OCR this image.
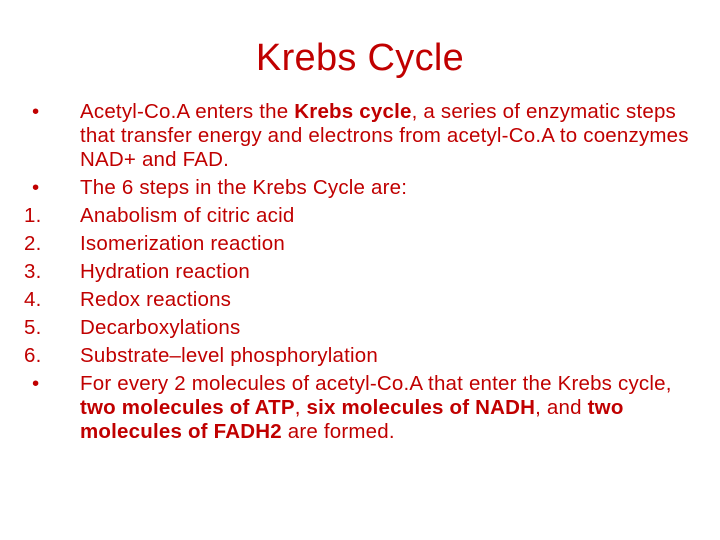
Krebs Cycle
•	Acetyl-Co.A enters the Krebs cycle, a series of enzymatic steps that transfer energy and electrons from acetyl-Co.A to coenzymes NAD+ and FAD.
•	The 6 steps in the Krebs Cycle are:
1.	Anabolism of citric acid
2.	Isomerization reaction
3.	Hydration reaction
4.	Redox reactions
5.	Decarboxylations
6.	Substrate–level phosphorylation
•	For every 2 molecules of acetyl-Co.A that enter the Krebs cycle, two molecules of ATP, six molecules of NADH, and two molecules of FADH2 are formed.
